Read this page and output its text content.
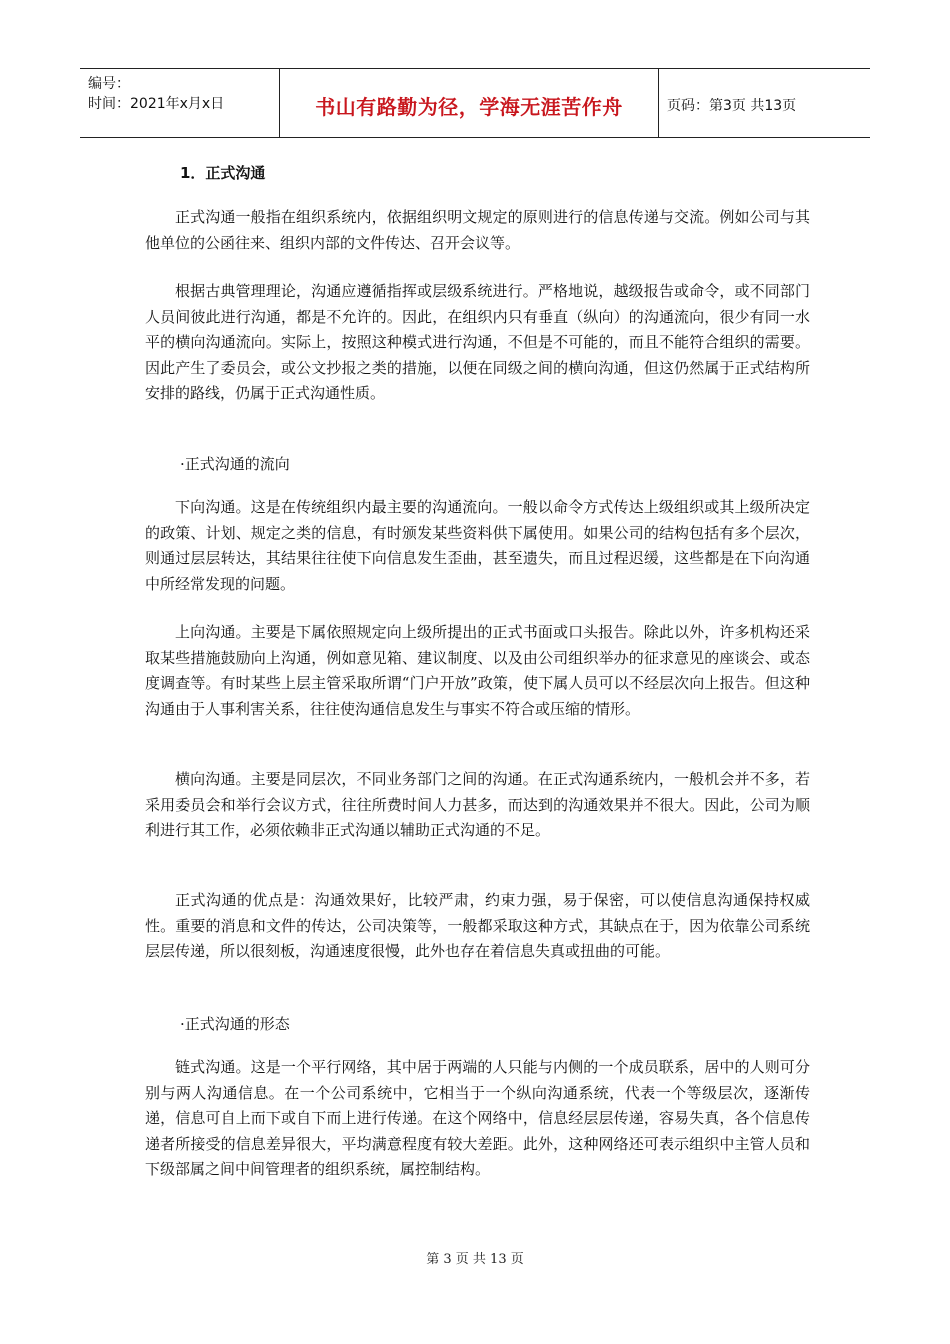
编号：
时间：2021年x月x日	书山有路勤为径，学海无涯苦作舟	页码：第3页 共13页
1．正式沟通

正式沟通一般指在组织系统内，依据组织明文规定的原则进行的信息传递与交流。例如公司与其他单位的公函往来、组织内部的文件传达、召开会议等。

根据古典管理理论，沟通应遵循指挥或层级系统进行。严格地说，越级报告或命令，或不同部门人员间彼此进行沟通，都是不允许的。因此，在组织内只有垂直（纵向）的沟通流向，很少有同一水平的横向沟通流向。实际上，按照这种模式进行沟通，不但是不可能的，而且不能符合组织的需要。因此产生了委员会，或公文抄报之类的措施，以便在同级之间的横向沟通，但这仍然属于正式结构所安排的路线，仍属于正式沟通性质。

·正式沟通的流向

下向沟通。这是在传统组织内最主要的沟通流向。一般以命令方式传达上级组织或其上级所决定的政策、计划、规定之类的信息，有时颁发某些资料供下属使用。如果公司的结构包括有多个层次，则通过层层转达，其结果往往使下向信息发生歪曲，甚至遗失，而且过程迟缓，这些都是在下向沟通中所经常发现的问题。

上向沟通。主要是下属依照规定向上级所提出的正式书面或口头报告。除此以外，许多机构还采取某些措施鼓励向上沟通，例如意见箱、建议制度、以及由公司组织举办的征求意见的座谈会、或态度调查等。有时某些上层主管采取所谓“门户开放”政策，使下属人员可以不经层次向上报告。但这种沟通由于人事利害关系，往往使沟通信息发生与事实不符合或压缩的情形。

横向沟通。主要是同层次，不同业务部门之间的沟通。在正式沟通系统内，一般机会并不多，若采用委员会和举行会议方式，往往所费时间人力甚多，而达到的沟通效果并不很大。因此，公司为顺利进行其工作，必须依赖非正式沟通以辅助正式沟通的不足。

正式沟通的优点是：沟通效果好，比较严肃，约束力强，易于保密，可以使信息沟通保持权威性。重要的消息和文件的传达，公司决策等，一般都采取这种方式，其缺点在于，因为依靠公司系统层层传递，所以很刻板，沟通速度很慢，此外也存在着信息失真或扭曲的可能。

·正式沟通的形态

链式沟通。这是一个平行网络，其中居于两端的人只能与内侧的一个成员联系，居中的人则可分别与两人沟通信息。在一个公司系统中，它相当于一个纵向沟通系统，代表一个等级层次，逐渐传递，信息可自上而下或自下而上进行传递。在这个网络中，信息经层层传递，容易失真，各个信息传递者所接受的信息差异很大，平均满意程度有较大差距。此外，这种网络还可表示组织中主管人员和下级部属之间中间管理者的组织系统，属控制结构。

第 3 页 共 13 页
